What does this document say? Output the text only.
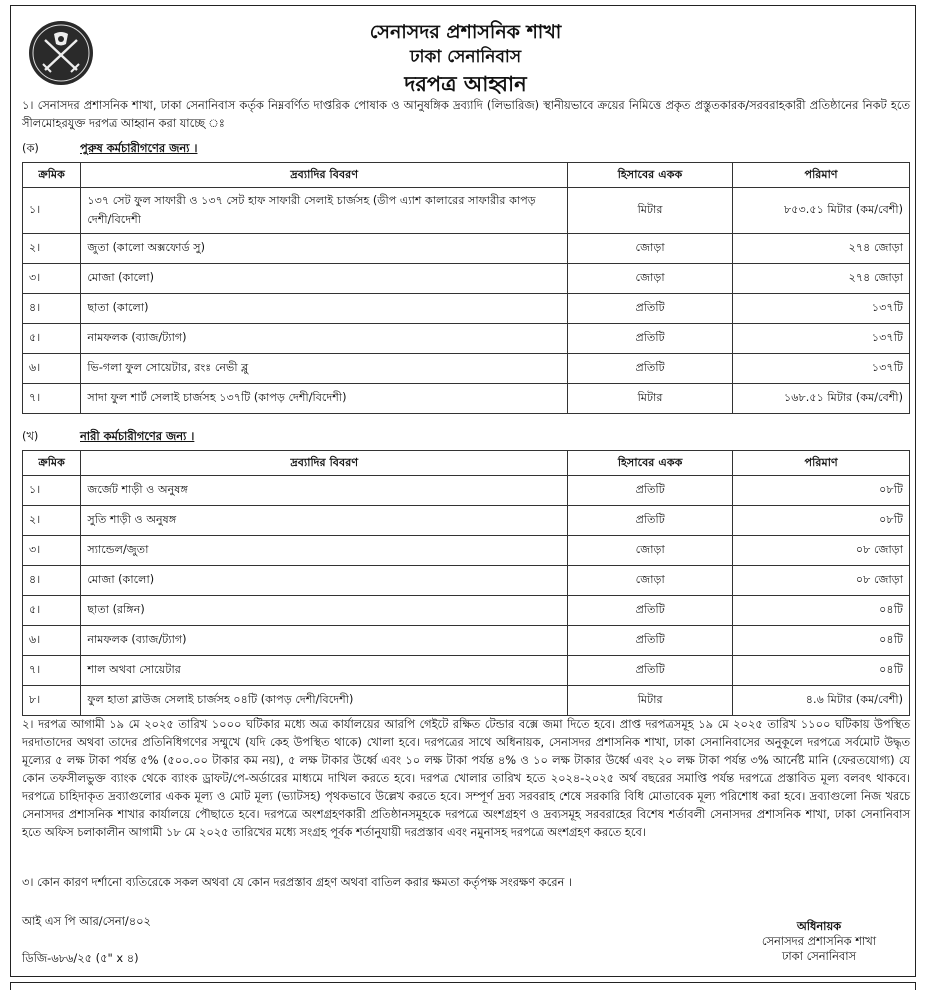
সেনাসদর প্রশাসনিক শাখা
ঢাকা সেনানিবাস
দরপত্র আহ্বান
১। সেনাসদর প্রশাসনিক শাখা, ঢাকা সেনানিবাস কর্তৃক নিম্নবর্ণিত দাপ্তরিক পোষাক ও আনুষঙ্গিক দ্রব্যাদি (লিভারিজ) স্থানীয়ভাবে ক্রয়ের নিমিত্তে প্রকৃত প্রস্তুতকারক/সরবরাহকারী প্রতিষ্ঠানের নিকট হতে সীলমোহরযুক্ত দরপত্র আহ্বান করা যাচ্ছে ঃ
(ক)	পুরুষ কর্মচারীগণের জন্য ।
ক্রমিক	দ্রব্যাদির বিবরণ	হিসাবের একক	পরিমাণ
১।	১৩৭ সেট ফুল সাফারী ও ১৩৭ সেট হাফ সাফারী সেলাই চার্জসহ (ডীপ এ্যাশ কালারের সাফারীর কাপড় দেশী/বিদেশী	মিটার	৮৫৩.৫১ মিটার (কম/বেশী)
২।	জুতা (কালো অক্সফোর্ড সু)	জোড়া	২৭৪ জোড়া
৩।	মোজা (কালো)	জোড়া	২৭৪ জোড়া
৪।	ছাতা (কালো)	প্রতিটি	১৩৭টি
৫।	নামফলক (ব্যাজ/ট্যাগ)	প্রতিটি	১৩৭টি
৬।	ভি-গলা ফুল সোয়েটার, রংঃ নেভী ব্লু	প্রতিটি	১৩৭টি
৭।	সাদা ফুল শার্ট সেলাই চার্জসহ ১৩৭টি (কাপড় দেশী/বিদেশী)	মিটার	১৬৮.৫১ মিটার (কম/বেশী)
(খ)	নারী কর্মচারীগণের জন্য ।
ক্রমিক	দ্রব্যাদির বিবরণ	হিসাবের একক	পরিমাণ
১।	জর্জেট শাড়ী ও অনুষঙ্গ	প্রতিটি	০৮টি
২।	সুতি শাড়ী ও অনুষঙ্গ	প্রতিটি	০৮টি
৩।	স্যান্ডেল/জুতা	জোড়া	০৮ জোড়া
৪।	মোজা (কালো)	জোড়া	০৮ জোড়া
৫।	ছাতা (রঙ্গিন)	প্রতিটি	০৪টি
৬।	নামফলক (ব্যাজ/ট্যাগ)	প্রতিটি	০৪টি
৭।	শাল অথবা সোয়েটার	প্রতিটি	০৪টি
৮।	ফুল হাতা ব্লাউজ সেলাই চার্জসহ ০৪টি (কাপড় দেশী/বিদেশী)	মিটার	৪.৬ মিটার (কম/বেশী)
২। দরপত্র আগামী ১৯ মে ২০২৫ তারিখ ১০০০ ঘটিকার মধ্যে অত্র কার্যালয়ের আরপি গেইটে রক্ষিত টেন্ডার বক্সে জমা দিতে হবে। প্রাপ্ত দরপত্রসমূহ ১৯ মে ২০২৫ তারিখ ১১০০ ঘটিকায় উপস্থিত দরদাতাদের অথবা তাদের প্রতিনিধিগণের সম্মুখে (যদি কেহ উপস্থিত থাকে) খোলা হবে। দরপত্রের সাথে অধিনায়ক, সেনাসদর প্রশাসনিক শাখা, ঢাকা সেনানিবাসের অনুকূলে দরপত্রে সর্বমোট উদ্ধৃত মূল্যের ৫ লক্ষ টাকা পর্যন্ত ৫% (৫০০.০০ টাকার কম নয়), ৫ লক্ষ টাকার উর্ধ্বে এবং ১০ লক্ষ টাকা পর্যন্ত ৪% ও ১০ লক্ষ টাকার উর্ধ্বে এবং ২০ লক্ষ টাকা পর্যন্ত ৩% আর্নেষ্ট মানি (ফেরতযোগ্য) যে কোন তফসীলভুক্ত ব্যাংক থেকে ব্যাংক ড্রাফট/পে-অর্ডারের মাধ্যমে দাখিল করতে হবে। দরপত্র খোলার তারিখ হতে ২০২৪-২০২৫ অর্থ বছরের সমাপ্তি পর্যন্ত দরপত্রে প্রস্তাবিত মূল্য বলবৎ থাকবে। দরপত্রে চাহিদাকৃত দ্রব্যাগুলোর একক মূল্য ও মোট মূল্য (ভ্যাটসহ) পৃথকভাবে উল্লেখ করতে হবে। সম্পূর্ণ দ্রব্য সরবরাহ শেষে সরকারি বিধি মোতাবেক মূল্য পরিশোধ করা হবে। দ্রব্যাগুলো নিজ খরচে সেনাসদর প্রশাসনিক শাখার কার্যালয়ে পৌছাতে হবে। দরপত্রে অংশগ্রহণকারী প্রতিষ্ঠানসমূহকে দরপত্রে অংশগ্রহণ ও দ্রব্যসমূহ সরবরাহের বিশেষ শর্তাবলী সেনাসদর প্রশাসনিক শাখা, ঢাকা সেনানিবাস হতে অফিস চলাকালীন আগামী ১৮ মে ২০২৫ তারিখের মধ্যে সংগ্রহ পূর্বক শর্তানুযায়ী দরপ্রস্তাব এবং নমুনাসহ দরপত্রে অংশগ্রহণ করতে হবে।
৩। কোন কারণ দর্শানো ব্যতিরেকে সকল অথবা যে কোন দরপ্রস্তাব গ্রহণ অথবা বাতিল করার ক্ষমতা কর্তৃপক্ষ সংরক্ষণ করেন ।
আই এস পি আর/সেনা/৪০২
ডিজি-৬৮৬/২৫ (৫" x ৪)
অধিনায়ক
সেনাসদর প্রশাসনিক শাখা
ঢাকা সেনানিবাস
